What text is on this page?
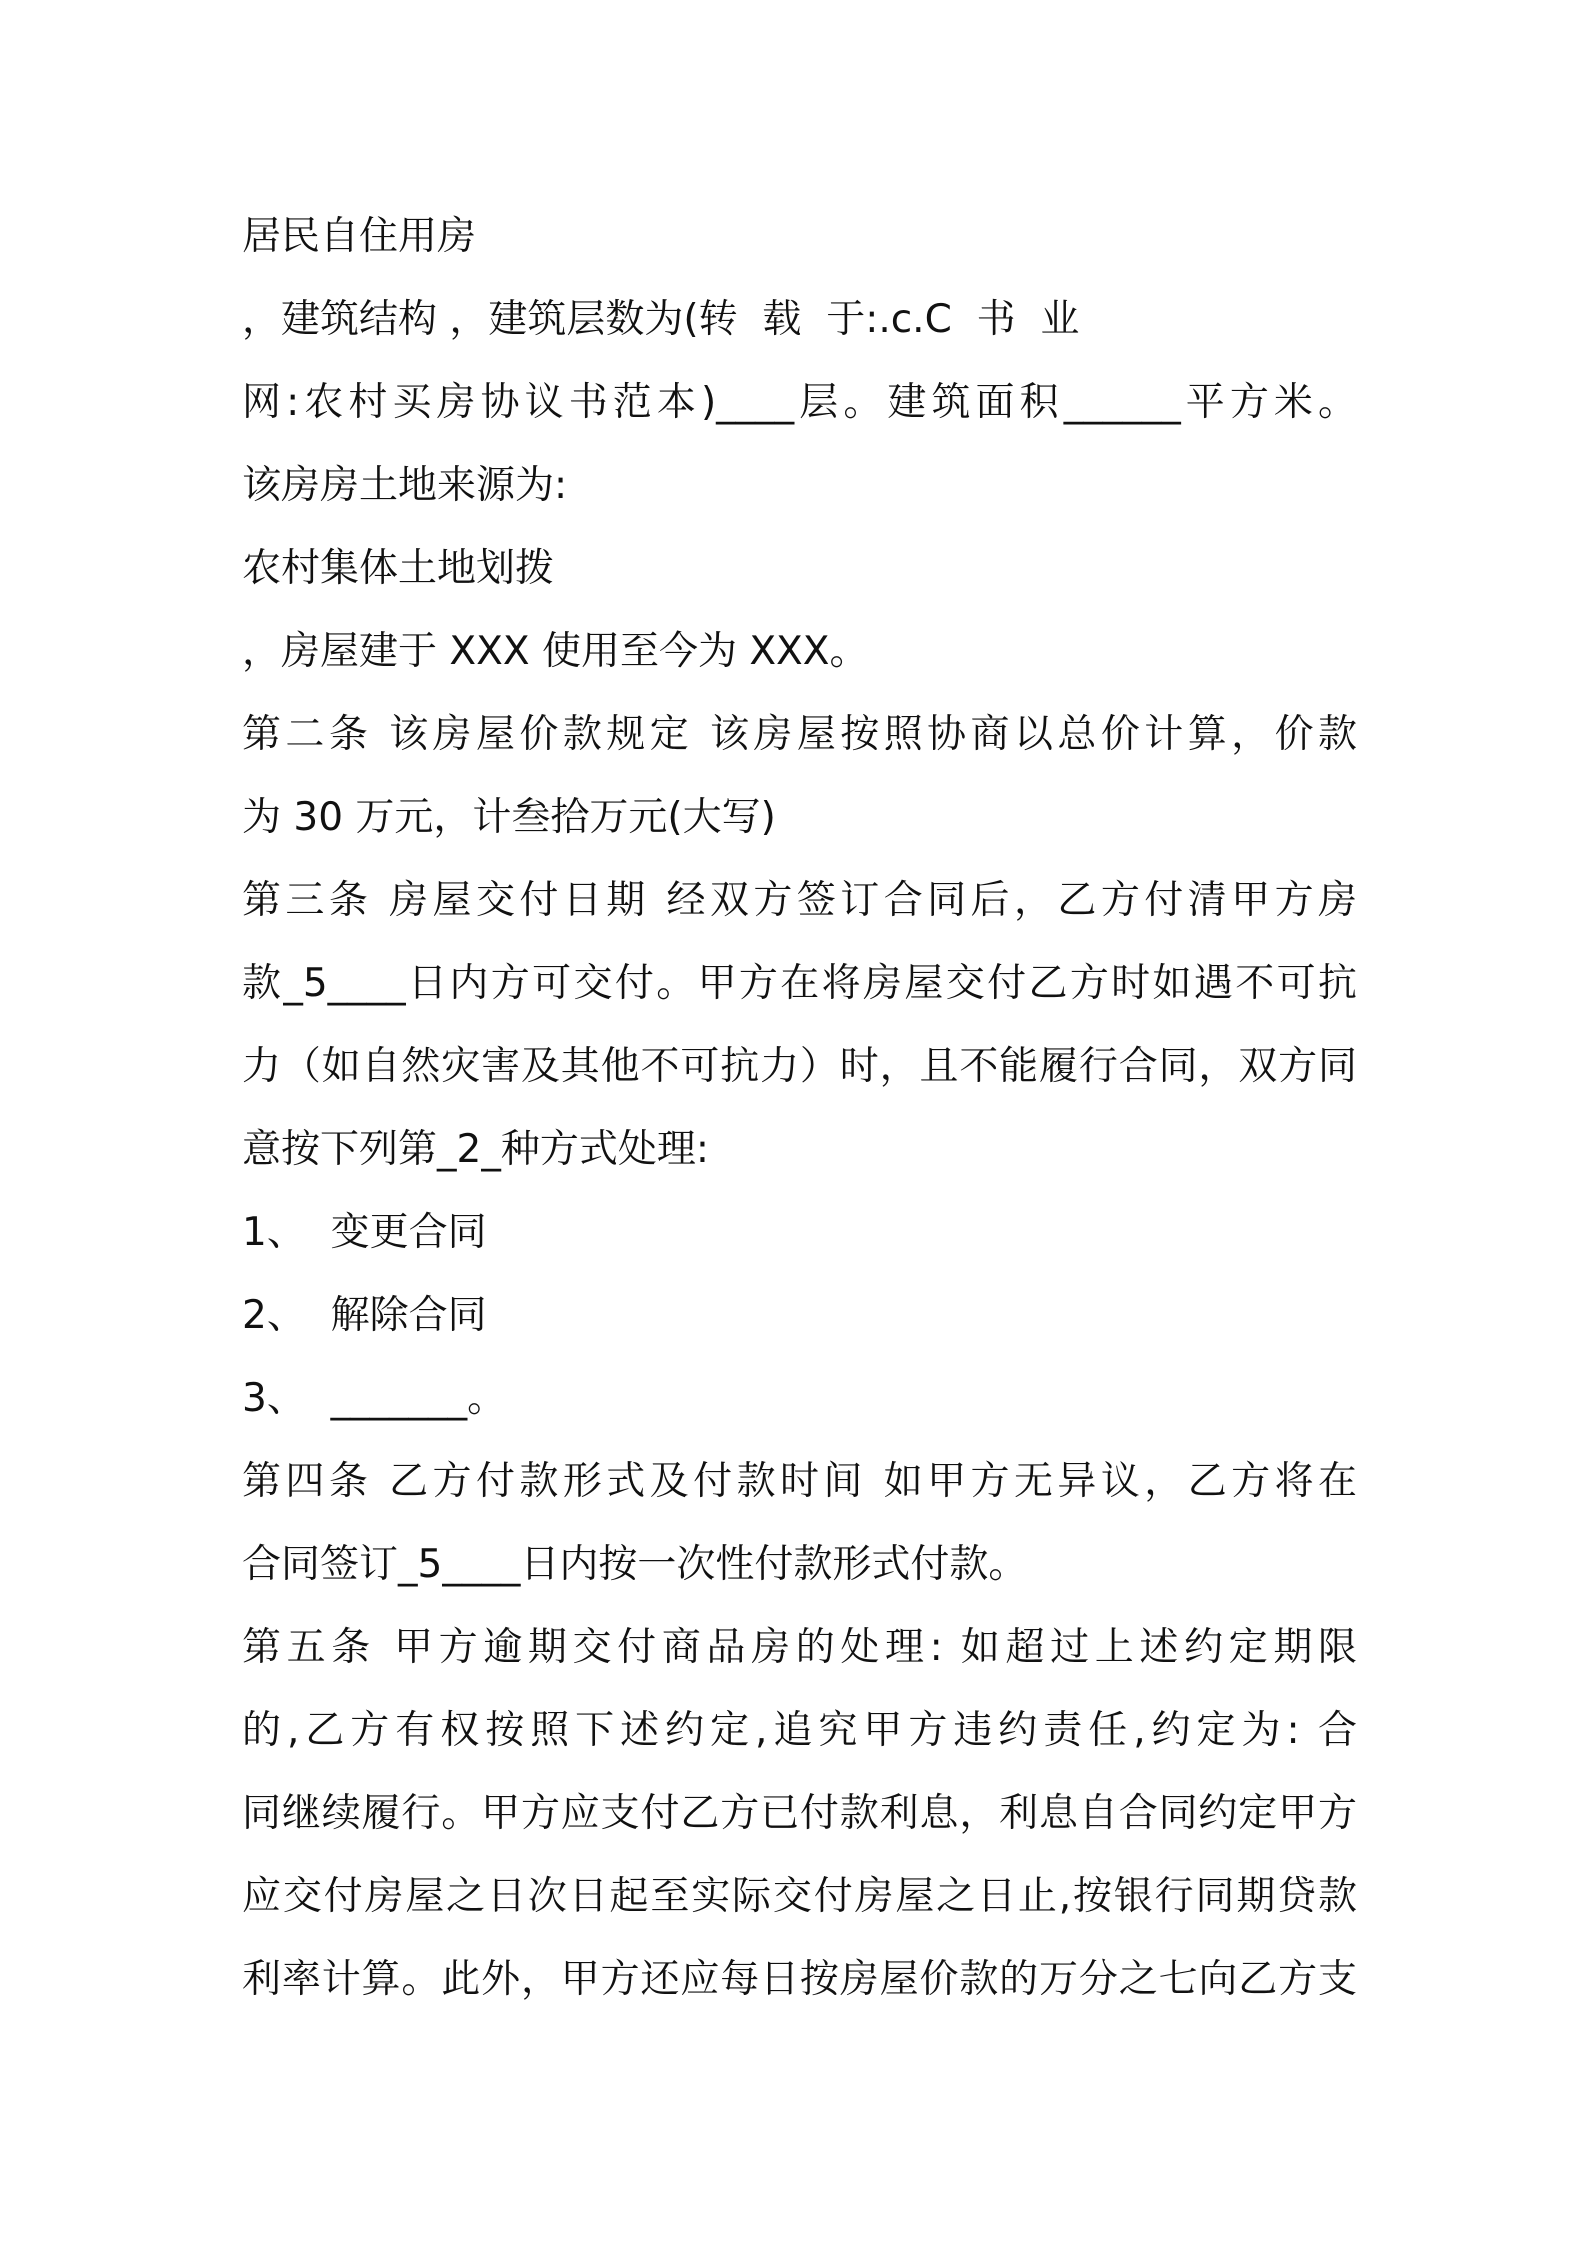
居民自住用房
，建筑结构 ，建筑层数为(转  载  于:.c.C  书  业
网:农村买房协议书范本)____层。建筑面积______平方米。
该房房土地来源为:
农村集体土地划拨
，房屋建于 XXX 使用至今为 XXX。
第二条 该房屋价款规定 该房屋按照协商以总价计算，价款
为 30 万元，计叁拾万元(大写)
第三条 房屋交付日期 经双方签订合同后，乙方付清甲方房
款_5____日内方可交付。甲方在将房屋交付乙方时如遇不可抗
力（如自然灾害及其他不可抗力）时，且不能履行合同，双方同
意按下列第_2_种方式处理:
1、  变更合同
2、  解除合同
3、  _______。
第四条 乙方付款形式及付款时间 如甲方无异议，乙方将在
合同签订_5____日内按一次性付款形式付款。
第五条 甲方逾期交付商品房的处理: 如超过上述约定期限
的,乙方有权按照下述约定,追究甲方违约责任,约定为: 合
同继续履行。甲方应支付乙方已付款利息，利息自合同约定甲方
应交付房屋之日次日起至实际交付房屋之日止,按银行同期贷款
利率计算。此外，甲方还应每日按房屋价款的万分之七向乙方支
